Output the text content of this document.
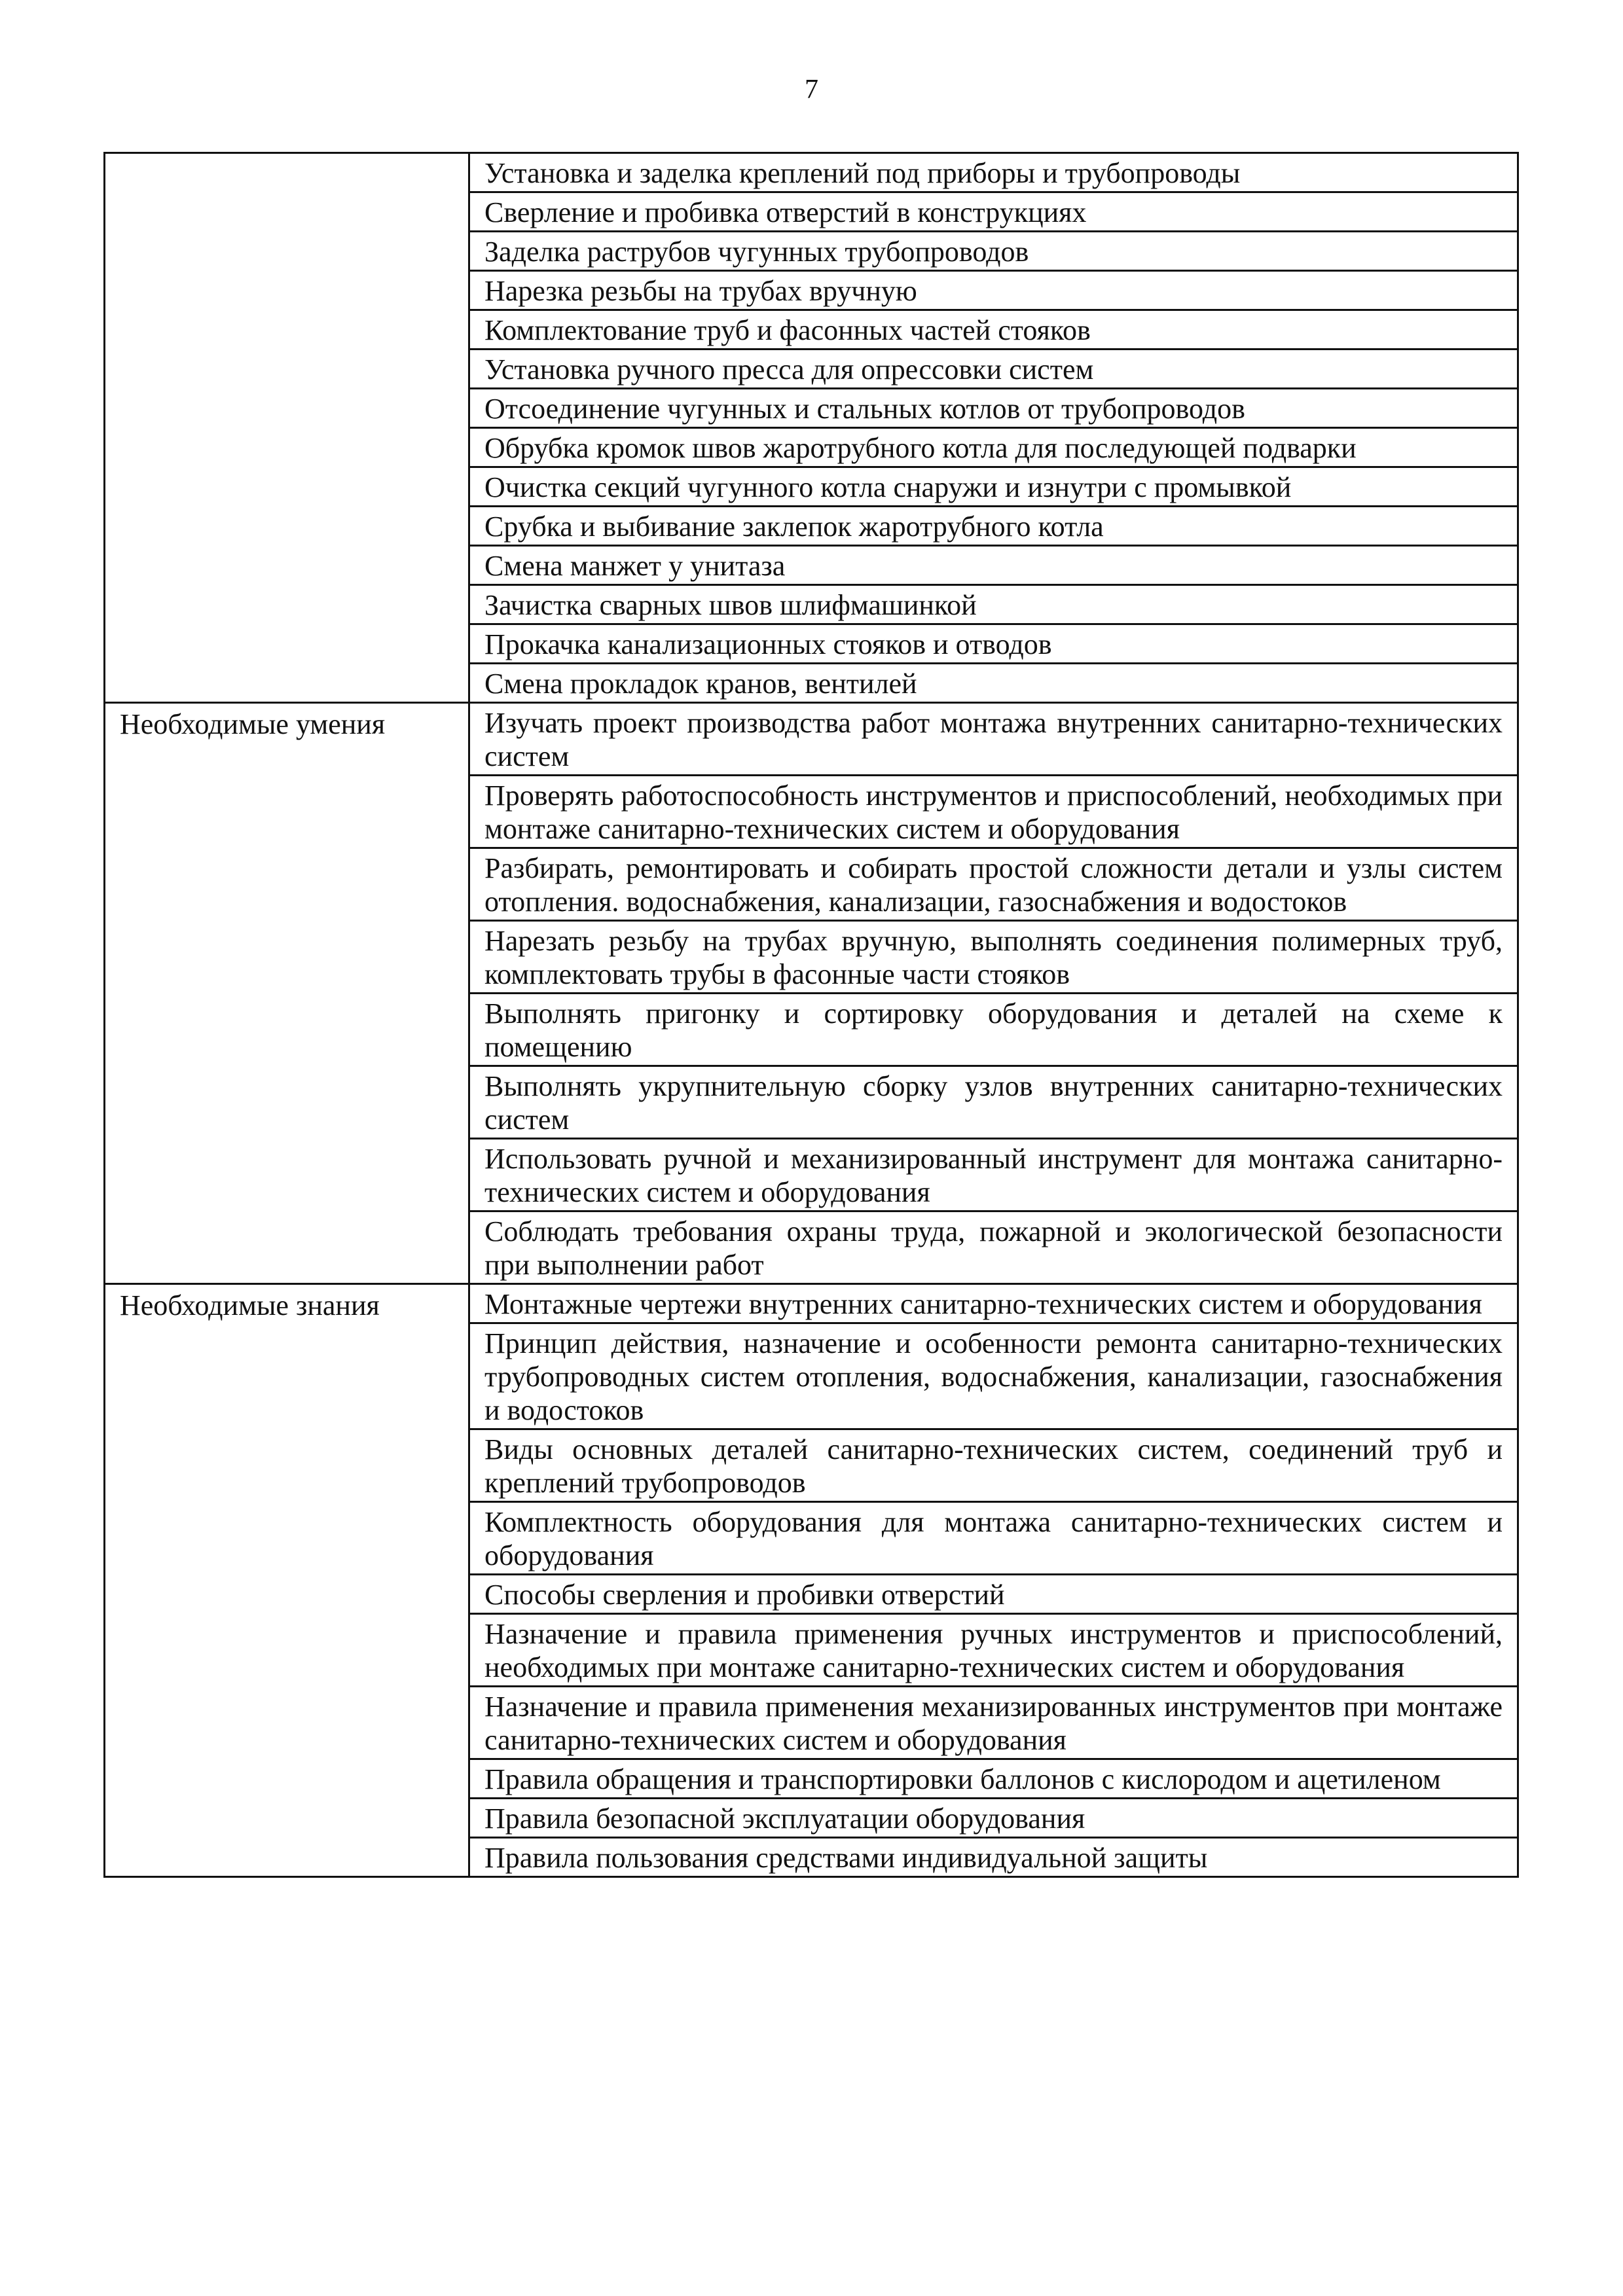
7

	Установка и заделка креплений под приборы и трубопроводы

	Сверление и пробивка отверстий в конструкциях

	Заделка раструбов чугунных трубопроводов

	Нарезка резьбы на трубах вручную

	Комплектование труб и фасонных частей стояков

	Установка ручного пресса для опрессовки систем

	Отсоединение чугунных и стальных котлов от трубопроводов

	Обрубка кромок швов жаротрубного котла для последующей подварки

	Очистка секций чугунного котла снаружи и изнутри с промывкой

	Срубка и выбивание заклепок жаротрубного котла

	Смена манжет у унитаза

	Зачистка сварных швов шлифмашинкой

	Прокачка канализационных стояков и отводов

	Смена прокладок кранов, вентилей

Необходимые умения	Изучать проект производства работ монтажа внутренних санитарно-технических систем

	Проверять работоспособность инструментов и приспособлений, необходимых при монтаже санитарно-технических систем и оборудования

	Разбирать, ремонтировать и собирать простой сложности детали и узлы систем отопления. водоснабжения, канализации, газоснабжения и водостоков

	Нарезать резьбу на трубах вручную, выполнять соединения полимерных труб, комплектовать трубы в фасонные части стояков

	Выполнять пригонку и сортировку оборудования и деталей на схеме к помещению

	Выполнять укрупнительную сборку узлов внутренних санитарно-технических систем

	Использовать ручной и механизированный инструмент для монтажа санитарно-технических систем и оборудования

	Соблюдать требования охраны труда, пожарной и экологической безопасности при выполнении работ

Необходимые знания	Монтажные чертежи внутренних санитарно-технических систем и оборудования

	Принцип действия, назначение и особенности ремонта санитарно-технических трубопроводных систем отопления, водоснабжения, канализации, газоснабжения и водостоков

	Виды основных деталей санитарно-технических систем, соединений труб и креплений трубопроводов

	Комплектность оборудования для монтажа санитарно-технических систем и оборудования

	Способы сверления и пробивки отверстий

	Назначение и правила применения ручных инструментов и приспособлений, необходимых при монтаже санитарно-технических систем и оборудования

	Назначение и правила применения механизированных инструментов при монтаже санитарно-технических систем и оборудования

	Правила обращения и транспортировки баллонов с кислородом и ацетиленом

	Правила безопасной эксплуатации оборудования

	Правила пользования средствами индивидуальной защиты
